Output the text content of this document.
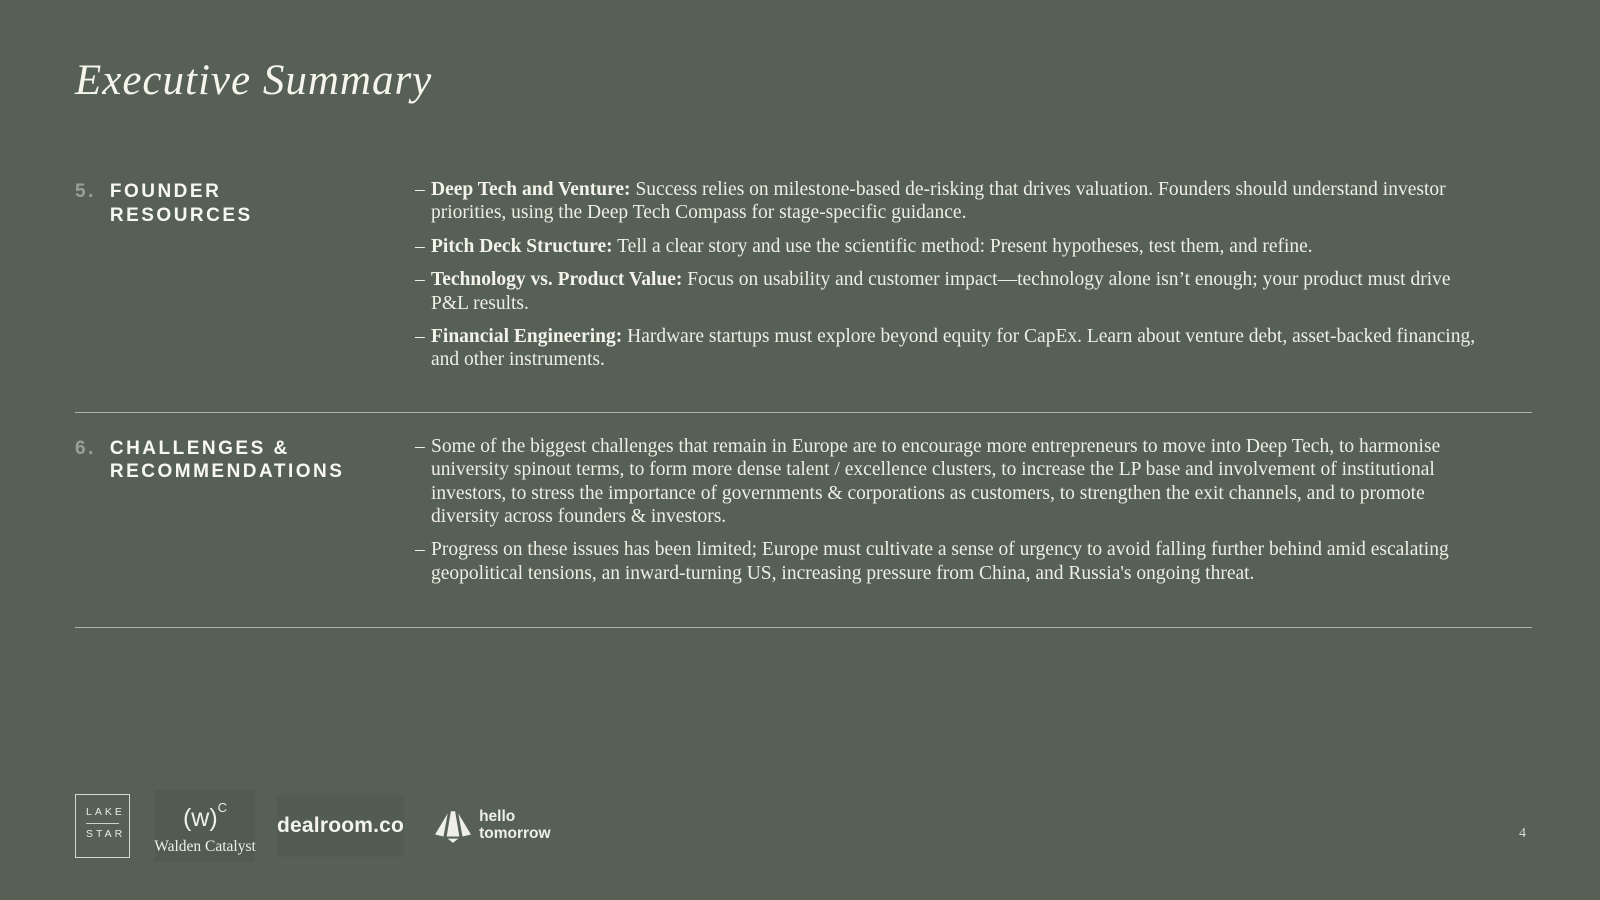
Executive Summary
5. FOUNDER RESOURCES
– Deep Tech and Venture: Success relies on milestone-based de-risking that drives valuation. Founders should understand investor priorities, using the Deep Tech Compass for stage-specific guidance.

– Pitch Deck Structure: Tell a clear story and use the scientific method: Present hypotheses, test them, and refine.

– Technology vs. Product Value: Focus on usability and customer impact—technology alone isn’t enough; your product must drive P&L results.

– Financial Engineering: Hardware startups must explore beyond equity for CapEx. Learn about venture debt, asset-backed financing, and other instruments.

6. CHALLENGES & RECOMMENDATIONS
– Some of the biggest challenges that remain in Europe are to encourage more entrepreneurs to move into Deep Tech, to harmonise university spinout terms, to form more dense talent / excellence clusters, to increase the LP base and involvement of institutional investors, to stress the importance of governments & corporations as customers, to strengthen the exit channels, and to promote diversity across founders & investors.

– Progress on these issues has been limited; Europe must cultivate a sense of urgency to avoid falling further behind amid escalating geopolitical tensions, an inward-turning US, increasing pressure from China, and Russia's ongoing threat.

LAKE
STAR
$(w)^C$
Walden Catalyst
dealroom.co	hello
tomorrow	4
